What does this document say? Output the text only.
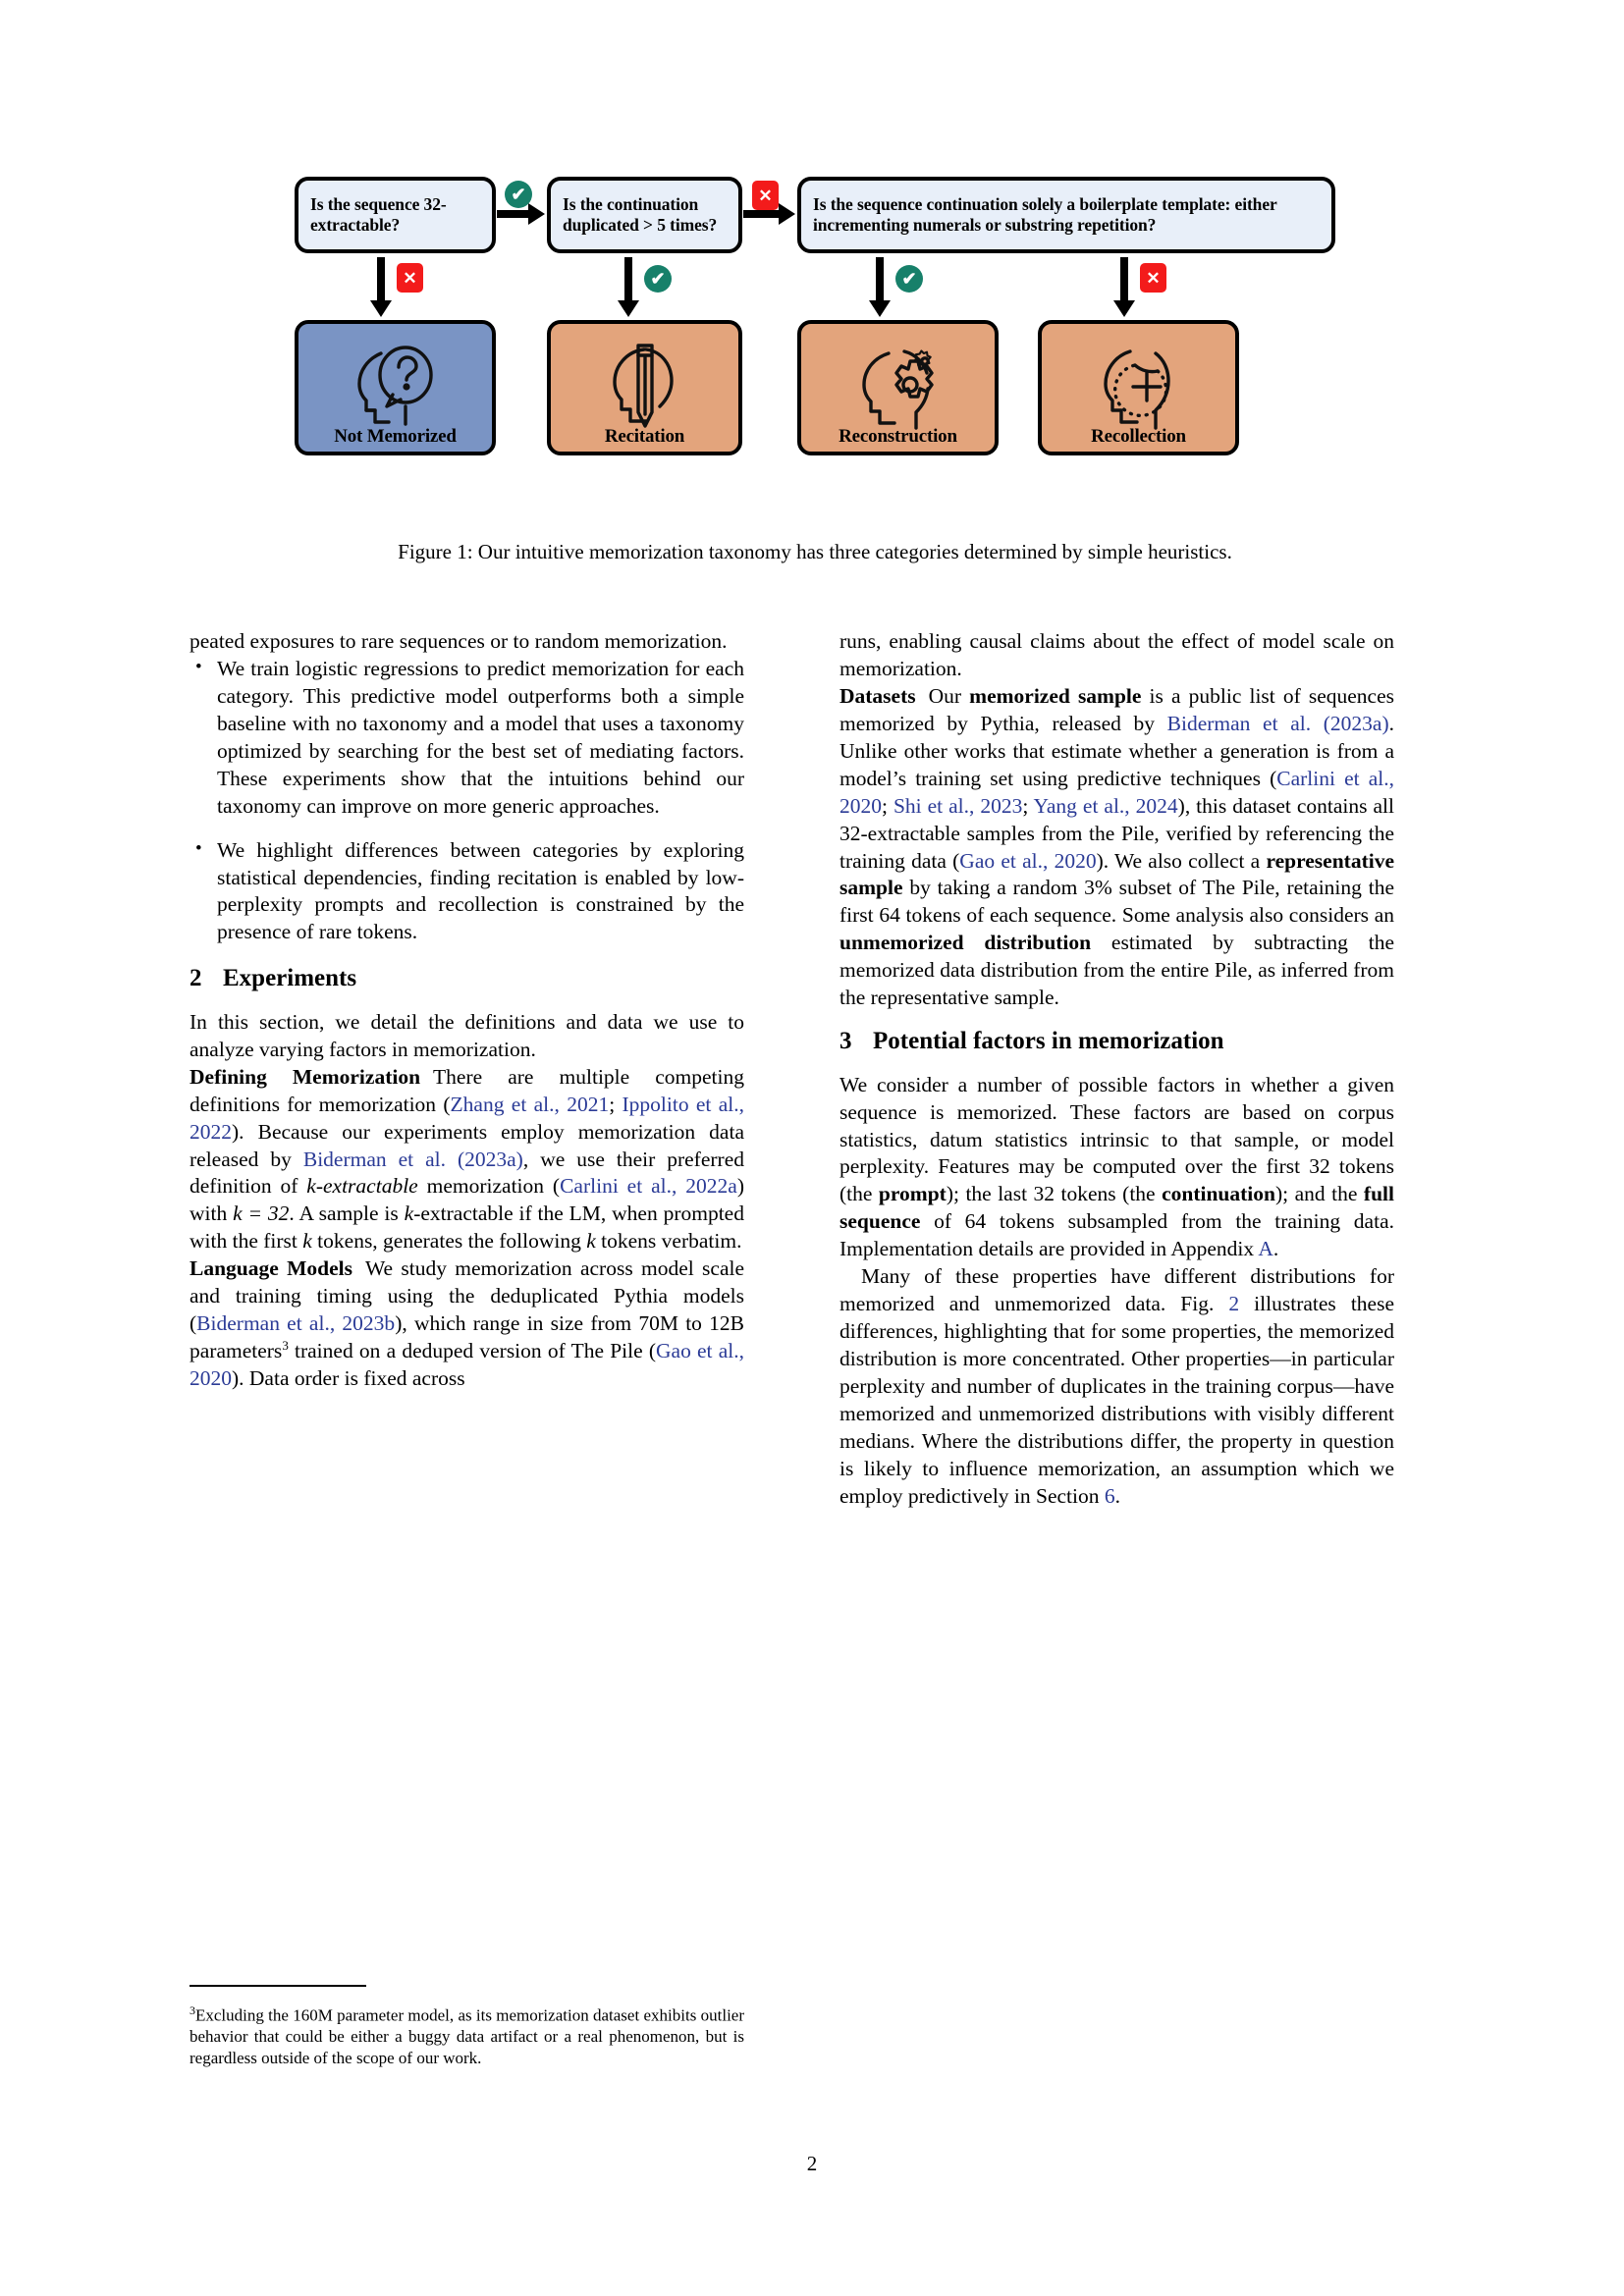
Is the sequence 32-extractable?
Is the continuation duplicated > 5 times?
Is the sequence continuation solely a boilerplate template: either incrementing numerals or substring repetition?
✔	✕
✕	✔	✔	✕
Not Memorized	Recitation	Reconstruction	Recollection
Figure 1: Our intuitive memorization taxonomy has three categories determined by simple heuristics.

peated exposures to rare sequences or to random memorization.

• We train logistic regressions to predict memorization for each category. This predictive model outperforms both a simple baseline with no taxonomy and a model that uses a taxonomy optimized by searching for the best set of mediating factors. These experiments show that the intuitions behind our taxonomy can improve on more generic approaches.
• We highlight differences between categories by exploring statistical dependencies, finding recitation is enabled by low-perplexity prompts and recollection is constrained by the presence of rare tokens.
2 Experiments

In this section, we detail the definitions and data we use to analyze varying factors in memorization.

Defining Memorization There are multiple competing definitions for memorization (Zhang et al., 2021; Ippolito et al., 2022). Because our experiments employ memorization data released by Biderman et al. (2023a), we use their preferred definition of k-extractable memorization (Carlini et al., 2022a) with k = 32. A sample is k-extractable if the LM, when prompted with the first k tokens, generates the following k tokens verbatim.

Language Models We study memorization across model scale and training timing using the deduplicated Pythia models (Biderman et al., 2023b), which range in size from 70M to 12B parameters$^3$ trained on a deduped version of The Pile (Gao et al., 2020). Data order is fixed across

$^3$Excluding the 160M parameter model, as its memorization dataset exhibits outlier behavior that could be either a buggy data artifact or a real phenomenon, but is regardless outside of the scope of our work.

runs, enabling causal claims about the effect of model scale on memorization.

Datasets Our memorized sample is a public list of sequences memorized by Pythia, released by Biderman et al. (2023a). Unlike other works that estimate whether a generation is from a model’s training set using predictive techniques (Carlini et al., 2020; Shi et al., 2023; Yang et al., 2024), this dataset contains all 32-extractable samples from the Pile, verified by referencing the training data (Gao et al., 2020). We also collect a representative sample by taking a random 3% subset of The Pile, retaining the first 64 tokens of each sequence. Some analysis also considers an unmemorized distribution estimated by subtracting the memorized data distribution from the entire Pile, as inferred from the representative sample.

3 Potential factors in memorization

We consider a number of possible factors in whether a given sequence is memorized. These factors are based on corpus statistics, datum statistics intrinsic to that sample, or model perplexity. Features may be computed over the first 32 tokens (the prompt); the last 32 tokens (the continuation); and the full sequence of 64 tokens subsampled from the training data. Implementation details are provided in Appendix A.

Many of these properties have different distributions for memorized and unmemorized data. Fig. 2 illustrates these differences, highlighting that for some properties, the memorized distribution is more concentrated. Other properties—in particular perplexity and number of duplicates in the training corpus—have memorized and unmemorized distributions with visibly different medians. Where the distributions differ, the property in question is likely to influence memorization, an assumption which we employ predictively in Section 6.

2
